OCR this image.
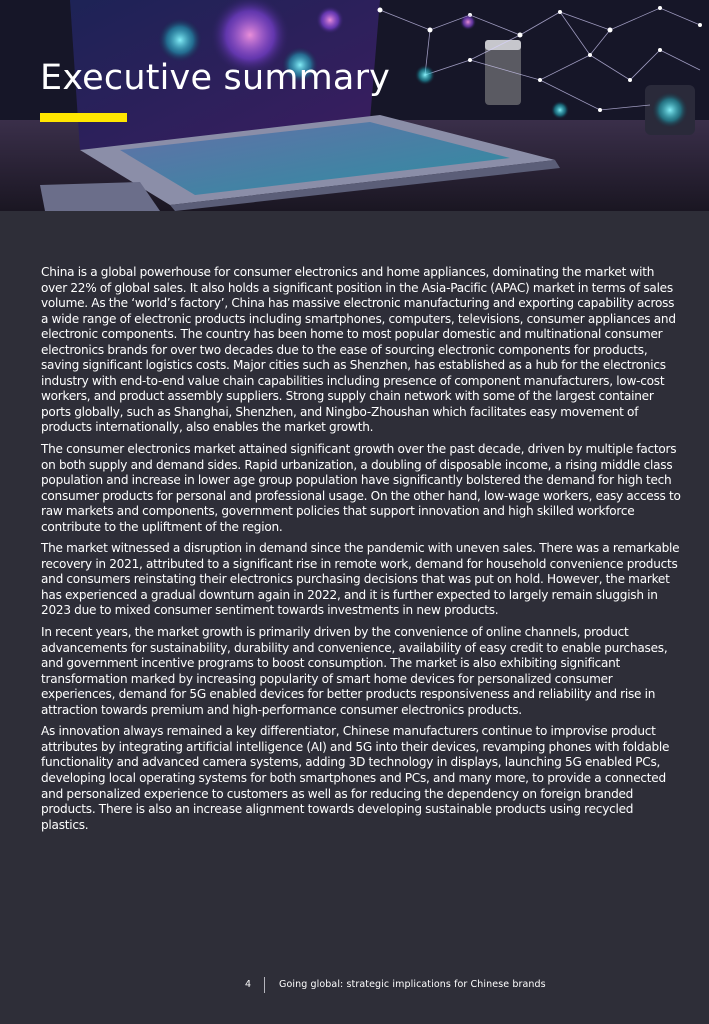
Executive summary

China is a global powerhouse for consumer electronics and home appliances, dominating the market with over 22% of global sales. It also holds a significant position in the Asia-Pacific (APAC) market in terms of sales volume. As the ‘world’s factory’, China has massive electronic manufacturing and exporting capability across a wide range of electronic products including smartphones, computers, televisions, consumer appliances and electronic components. The country has been home to most popular domestic and multinational consumer electronics brands for over two decades due to the ease of sourcing electronic components for products, saving significant logistics costs. Major cities such as Shenzhen, has established as a hub for the electronics industry with end-to-end value chain capabilities including presence of component manufacturers, low-cost workers, and product assembly suppliers. Strong supply chain network with some of the largest container ports globally, such as Shanghai, Shenzhen, and Ningbo-Zhoushan which facilitates easy movement of products internationally, also enables the market growth.

The consumer electronics market attained significant growth over the past decade, driven by multiple factors on both supply and demand sides. Rapid urbanization, a doubling of disposable income, a rising middle class population and increase in lower age group population have significantly bolstered the demand for high tech consumer products for personal and professional usage. On the other hand, low-wage workers, easy access to raw markets and components, government policies that support innovation and high skilled workforce contribute to the upliftment of the region.

The market witnessed a disruption in demand since the pandemic with uneven sales. There was a remarkable recovery in 2021, attributed to a significant rise in remote work, demand for household convenience products and consumers reinstating their electronics purchasing decisions that was put on hold. However, the market has experienced a gradual downturn again in 2022, and it is further expected to largely remain sluggish in 2023 due to mixed consumer sentiment towards investments in new products.

In recent years, the market growth is primarily driven by the convenience of online channels, product advancements for sustainability, durability and convenience, availability of easy credit to enable purchases, and government incentive programs to boost consumption. The market is also exhibiting significant transformation marked by increasing popularity of smart home devices for personalized consumer experiences, demand for 5G enabled devices for better products responsiveness and reliability and rise in attraction towards premium and high-performance consumer electronics products.

As innovation always remained a key differentiator, Chinese manufacturers continue to improvise product attributes by integrating artificial intelligence (AI) and 5G into their devices, revamping phones with foldable functionality and advanced camera systems, adding 3D technology in displays, launching 5G enabled PCs, developing local operating systems for both smartphones and PCs, and many more, to provide a connected and personalized experience to customers as well as for reducing the dependency on foreign branded products. There is also an increase alignment towards developing sustainable products using recycled plastics.

4	Going global: strategic implications for Chinese brands
